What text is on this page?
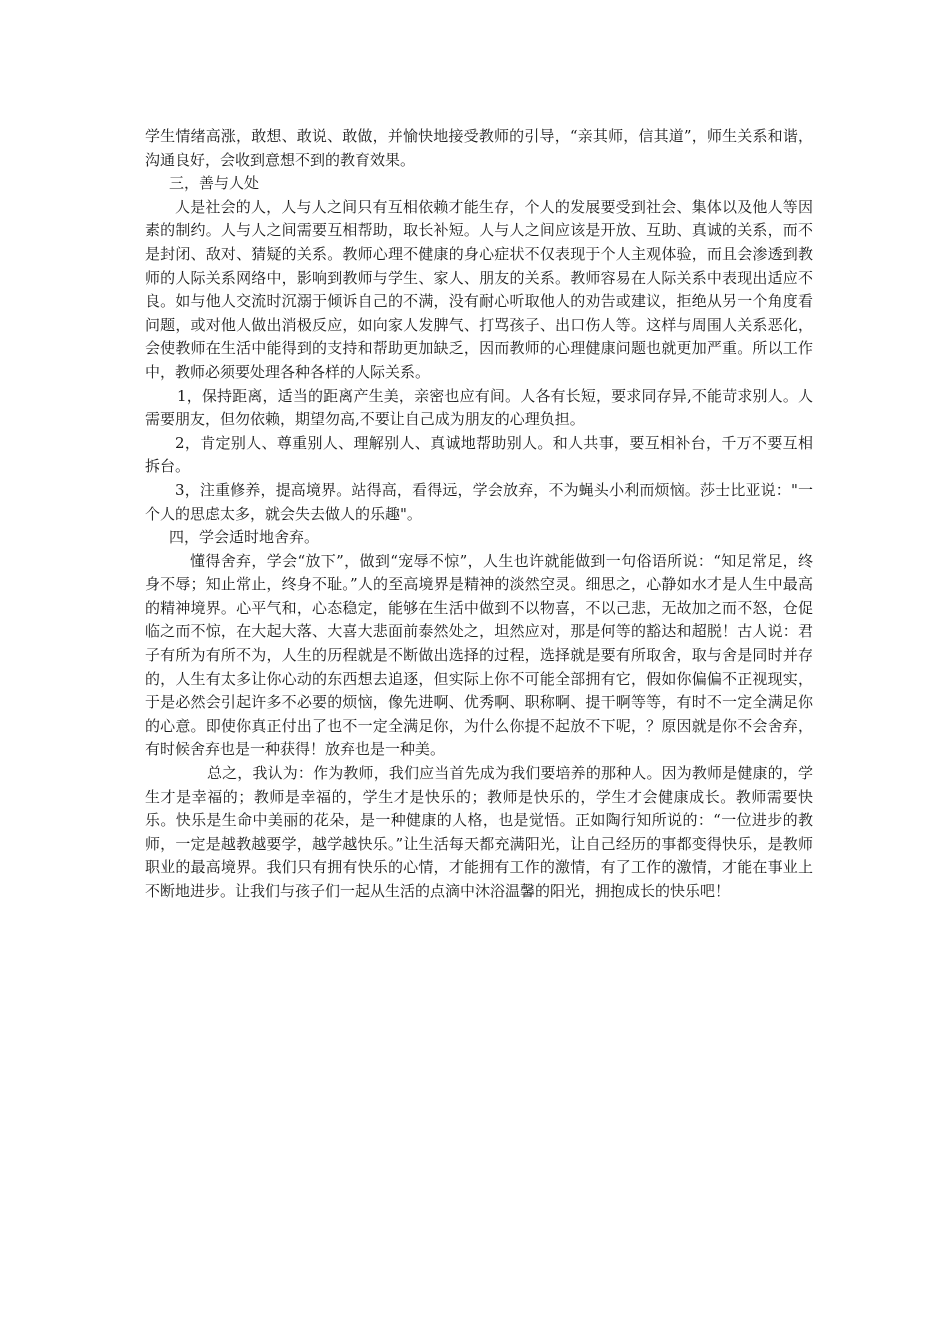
学生情绪高涨，敢想、敢说、敢做，并愉快地接受教师的引导，“亲其师，信其道”，师生关系和谐，沟通良好，会收到意想不到的教育效果。

三，善与人处

人是社会的人，人与人之间只有互相依赖才能生存，个人的发展要受到社会、集体以及他人等因素的制约。人与人之间需要互相帮助，取长补短。人与人之间应该是开放、互助、真诚的关系，而不是封闭、敌对、猜疑的关系。教师心理不健康的身心症状不仅表现于个人主观体验，而且会渗透到教师的人际关系网络中，影响到教师与学生、家人、朋友的关系。教师容易在人际关系中表现出适应不良。如与他人交流时沉溺于倾诉自己的不满，没有耐心听取他人的劝告或建议，拒绝从另一个角度看问题，或对他人做出消极反应，如向家人发脾气、打骂孩子、出口伤人等。这样与周围人关系恶化，会使教师在生活中能得到的支持和帮助更加缺乏，因而教师的心理健康问题也就更加严重。所以工作中，教师必须要处理各种各样的人际关系。

1，保持距离，适当的距离产生美，亲密也应有间。人各有长短，要求同存异,不能苛求别人。人需要朋友，但勿依赖，期望勿高,不要让自己成为朋友的心理负担。

2，肯定别人、尊重别人、理解别人、真诚地帮助别人。和人共事，要互相补台，千万不要互相拆台。

3，注重修养，提高境界。站得高，看得远，学会放弃，不为蝇头小利而烦恼。莎士比亚说："一个人的思虑太多，就会失去做人的乐趣"。

四，学会适时地舍弃。

懂得舍弃，学会“放下”，做到“宠辱不惊”，人生也许就能做到一句俗语所说：“知足常足，终身不辱；知止常止，终身不耻。”人的至高境界是精神的淡然空灵。细思之，心静如水才是人生中最高的精神境界。心平气和，心态稳定，能够在生活中做到不以物喜，不以己悲，无故加之而不怒，仓促临之而不惊，在大起大落、大喜大悲面前泰然处之，坦然应对，那是何等的豁达和超脱！古人说：君子有所为有所不为，人生的历程就是不断做出选择的过程，选择就是要有所取舍，取与舍是同时并存的，人生有太多让你心动的东西想去追逐，但实际上你不可能全部拥有它，假如你偏偏不正视现实，于是必然会引起许多不必要的烦恼，像先进啊、优秀啊、职称啊、提干啊等等，有时不一定全满足你的心意。即使你真正付出了也不一定全满足你，为什么你提不起放不下呢，？原因就是你不会舍弃，有时候舍弃也是一种获得！放弃也是一种美。

总之，我认为：作为教师，我们应当首先成为我们要培养的那种人。因为教师是健康的，学生才是幸福的；教师是幸福的，学生才是快乐的；教师是快乐的，学生才会健康成长。教师需要快乐。快乐是生命中美丽的花朵，是一种健康的人格，也是觉悟。正如陶行知所说的：“一位进步的教师，一定是越教越要学，越学越快乐。”让生活每天都充满阳光，让自己经历的事都变得快乐，是教师职业的最高境界。我们只有拥有快乐的心情，才能拥有工作的激情，有了工作的激情，才能在事业上不断地进步。让我们与孩子们一起从生活的点滴中沐浴温馨的阳光，拥抱成长的快乐吧！
